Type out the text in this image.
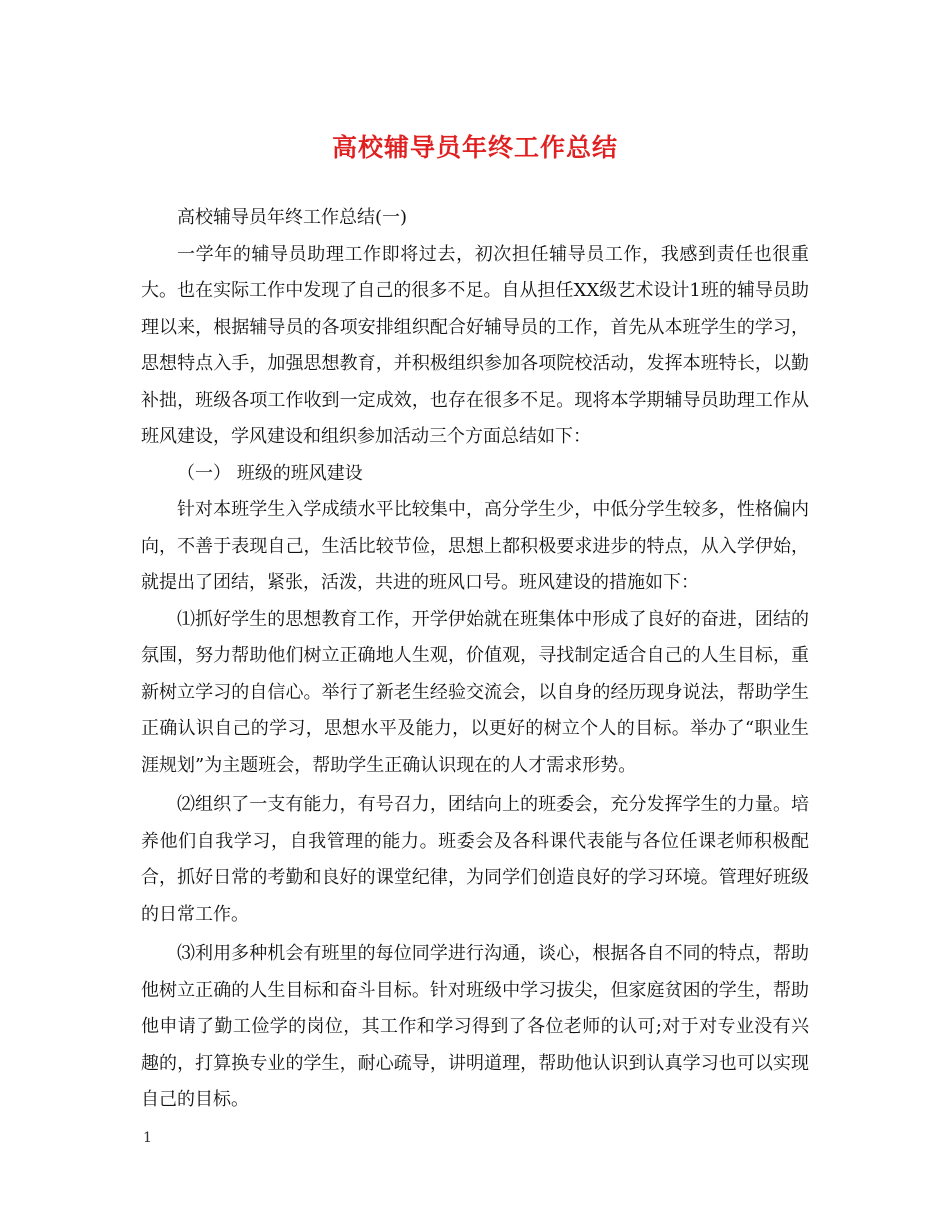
高校辅导员年终工作总结

高校辅导员年终工作总结(一)

一学年的辅导员助理工作即将过去，初次担任辅导员工作，我感到责任也很重大。也在实际工作中发现了自己的很多不足。自从担任XX级艺术设计1班的辅导员助理以来，根据辅导员的各项安排组织配合好辅导员的工作，首先从本班学生的学习，思想特点入手，加强思想教育，并积极组织参加各项院校活动，发挥本班特长，以勤补拙，班级各项工作收到一定成效，也存在很多不足。现将本学期辅导员助理工作从班风建设，学风建设和组织参加活动三个方面总结如下：

（一） 班级的班风建设

针对本班学生入学成绩水平比较集中，高分学生少，中低分学生较多，性格偏内向，不善于表现自己，生活比较节俭，思想上都积极要求进步的特点，从入学伊始，就提出了团结，紧张，活泼，共进的班风口号。班风建设的措施如下：

⑴抓好学生的思想教育工作，开学伊始就在班集体中形成了良好的奋进，团结的氛围，努力帮助他们树立正确地人生观，价值观，寻找制定适合自己的人生目标，重新树立学习的自信心。举行了新老生经验交流会，以自身的经历现身说法，帮助学生正确认识自己的学习，思想水平及能力，以更好的树立个人的目标。举办了“职业生涯规划”为主题班会，帮助学生正确认识现在的人才需求形势。

⑵组织了一支有能力，有号召力，团结向上的班委会，充分发挥学生的力量。培养他们自我学习，自我管理的能力。班委会及各科课代表能与各位任课老师积极配合，抓好日常的考勤和良好的课堂纪律，为同学们创造良好的学习环境。管理好班级的日常工作。

⑶利用多种机会有班里的每位同学进行沟通，谈心，根据各自不同的特点，帮助他树立正确的人生目标和奋斗目标。针对班级中学习拔尖，但家庭贫困的学生，帮助他申请了勤工俭学的岗位，其工作和学习得到了各位老师的认可;对于对专业没有兴趣的，打算换专业的学生，耐心疏导，讲明道理，帮助他认识到认真学习也可以实现自己的目标。

1
